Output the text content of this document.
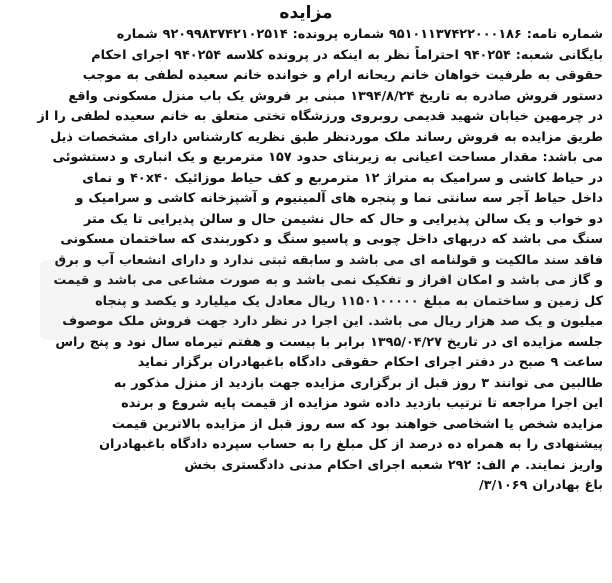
مزایده
شماره نامه: ۹۵۱۰۱۱۳۷۴۲۲۰۰۰۱۸۶ شماره پرونده: ۹۲۰۹۹۸۳۷۴۲۱۰۲۵۱۴ شماره
بایگانی شعبه: ۹۴۰۲۵۴ احتراماً نظر به اینکه در پرونده کلاسه ۹۴۰۲۵۴ اجرای احکام
حقوقی به طرفیت خواهان خانم ریحانه ارام و خوانده خانم سعیده لطفی به موجب
دستور فروش صادره به تاریخ ۱۳۹۴/۸/۲۴ مبنی بر فروش یک باب منزل مسکونی واقع
در چرمهین خیابان شهید قدیمی روبروی ورزشگاه تختی متعلق به خانم سعیده لطفی را از
طریق مزایده به فروش رساند ملک موردنظر طبق نظریه کارشناس دارای مشخصات ذیل
می باشد: مقدار مساحت اعیانی به زیربنای حدود ۱۵۷ مترمربع و یک انباری و دستشوئی
در حیاط کاشی و سرامیک به متراژ ۱۲ مترمربع و کف حیاط موزائیک ۴۰x۴۰ و نمای
داخل حیاط آجر سه سانتی نما و پنجره های آلمینیوم و آشپزخانه کاشی و سرامیک و
دو خواب و یک سالن پذیرایی و حال که حال نشیمن حال و سالن پذیرایی تا یک متر
سنگ می باشد که دربهای داخل چوبی و پاسیو سنگ و دکوربندی که ساختمان مسکونی
فاقد سند مالکیت و قولنامه ای می باشد و سابقه ثبتی ندارد و دارای انشعاب آب و برق
و گاز می باشد و امکان افراز و تفکیک نمی باشد و به صورت مشاعی می باشد و قیمت
کل زمین و ساختمان به مبلغ ۱۱۵۰۱۰۰۰۰۰ ریال معادل یک میلیارد و یکصد و پنجاه
میلیون و یک صد هزار ریال می باشد. این اجرا در نظر دارد جهت فروش ملک موصوف
جلسه مزایده ای در تاریخ ۱۳۹۵/۰۴/۲۷ برابر با بیست و هفتم تیرماه سال نود و پنج راس
ساعت ۹ صبح در دفتر اجرای احکام حقوقی دادگاه باغبهادران برگزار نماید
طالبین می توانند ۳ روز قبل از برگزاری مزایده جهت بازدید از منزل مذکور به
این اجرا مراجعه تا ترتیب بازدید داده شود مزایده از قیمت پایه شروع و برنده
مزایده شخص یا اشخاصی خواهند بود که سه روز قبل از مزایده بالاترین قیمت
پیشنهادی را به همراه ده درصد از کل مبلغ را به حساب سپرده دادگاه باغبهادران
واریز نمایند. م الف: ۲۹۲ شعبه اجرای احکام مدنی دادگستری بخش
باغ بهادران ۳/۱۰۶۹/
